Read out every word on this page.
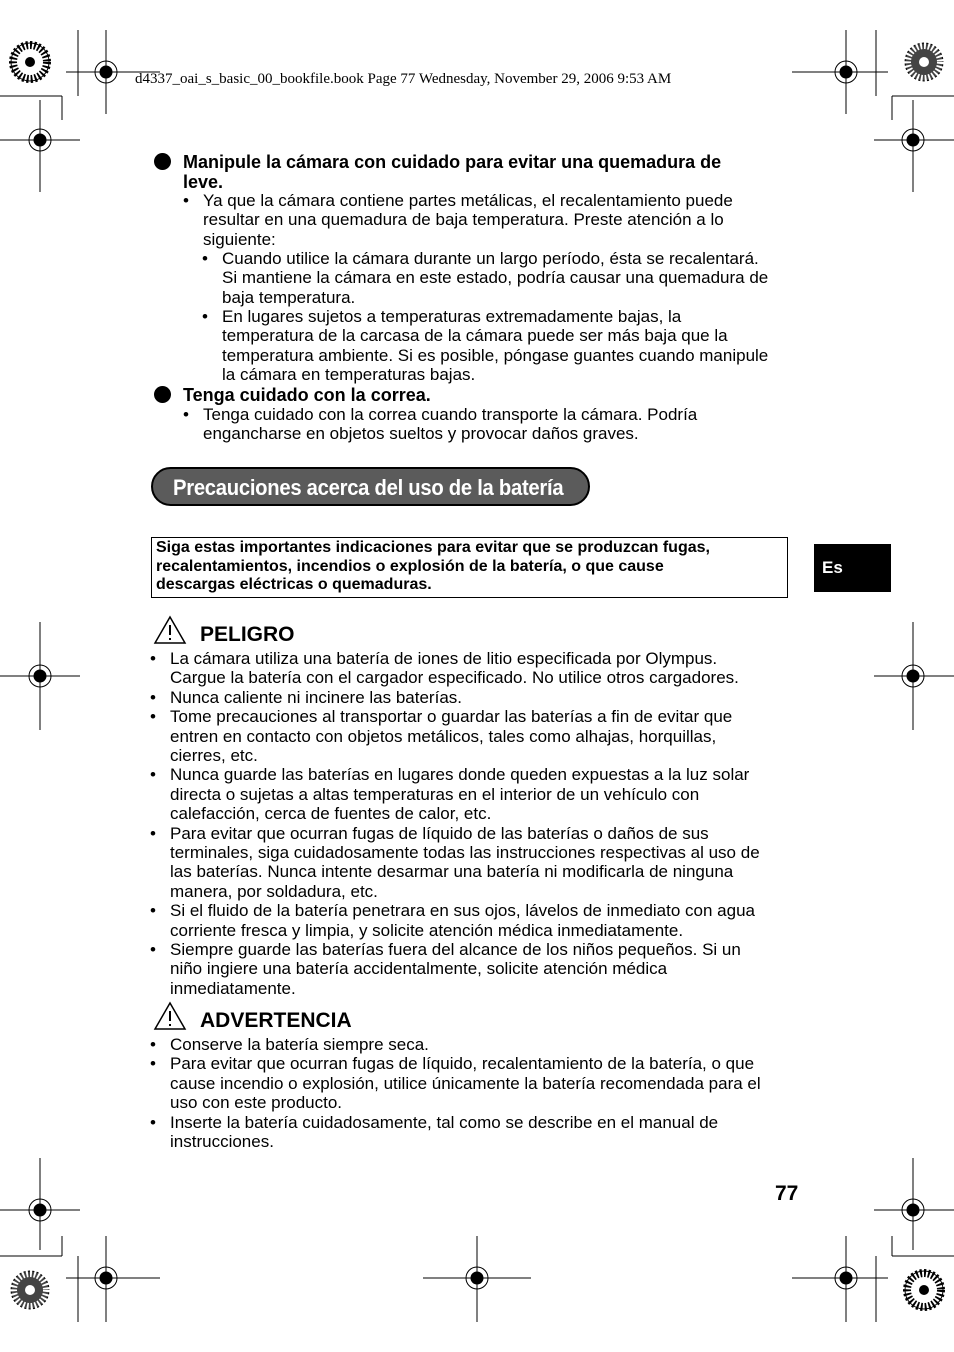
d4337_oai_s_basic_00_bookfile.book Page 77 Wednesday, November 29, 2006 9:53 AM
Manipule la cámara con cuidado para evitar una quemadura de
leve.
• Ya que la cámara contiene partes metálicas, el recalentamiento puede
resultar en una quemadura de baja temperatura. Preste atención a lo
siguiente:
• Cuando utilice la cámara durante un largo período, ésta se recalentará.
Si mantiene la cámara en este estado, podría causar una quemadura de
baja temperatura.
• En lugares sujetos a temperaturas extremadamente bajas, la
temperatura de la carcasa de la cámara puede ser más baja que la
temperatura ambiente. Si es posible, póngase guantes cuando manipule
la cámara en temperaturas bajas.
Tenga cuidado con la correa.
• Tenga cuidado con la correa cuando transporte la cámara. Podría
engancharse en objetos sueltos y provocar daños graves.
Precauciones acerca del uso de la batería
Siga estas importantes indicaciones para evitar que se produzcan fugas,
recalentamientos, incendios o explosión de la batería, o que cause
descargas eléctricas o quemaduras.
Es
PELIGRO
• La cámara utiliza una batería de iones de litio especificada por Olympus.
Cargue la batería con el cargador especificado. No utilice otros cargadores.
• Nunca caliente ni incinere las baterías.
• Tome precauciones al transportar o guardar las baterías a fin de evitar que
entren en contacto con objetos metálicos, tales como alhajas, horquillas,
cierres, etc.
• Nunca guarde las baterías en lugares donde queden expuestas a la luz solar
directa o sujetas a altas temperaturas en el interior de un vehículo con
calefacción, cerca de fuentes de calor, etc.
• Para evitar que ocurran fugas de líquido de las baterías o daños de sus
terminales, siga cuidadosamente todas las instrucciones respectivas al uso de
las baterías. Nunca intente desarmar una batería ni modificarla de ninguna
manera, por soldadura, etc.
• Si el fluido de la batería penetrara en sus ojos, lávelos de inmediato con agua
corriente fresca y limpia, y solicite atención médica inmediatamente.
• Siempre guarde las baterías fuera del alcance de los niños pequeños. Si un
niño ingiere una batería accidentalmente, solicite atención médica
inmediatamente.
ADVERTENCIA
• Conserve la batería siempre seca.
• Para evitar que ocurran fugas de líquido, recalentamiento de la batería, o que
cause incendio o explosión, utilice únicamente la batería recomendada para el
uso con este producto.
• Inserte la batería cuidadosamente, tal como se describe en el manual de
instrucciones.
77
